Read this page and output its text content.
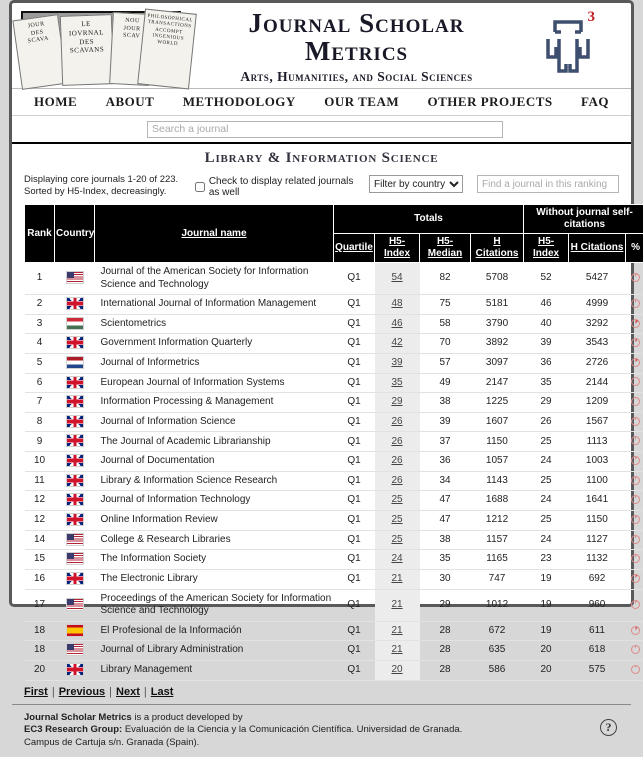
JOUR
DES
SCAVA
LE
IOVRNAL
DES
SCAVANS
NOU
JOUR
SCAV
PHILOSOPHICAL
TRANSACTIONS
ACCOMPT
INGENIOUS
WORLD
Journal Scholar
Metrics
Arts, Humanities, and Social Sciences
3
HOME ABOUT METHODOLOGY OUR TEAM OTHER PROJECTS FAQ
Search a journal
Library & Information Science
Displaying core journals 1-20 of 223. Sorted by H5-Index, decreasingly.
Check to display related journals as well
Filter by country
Find a journal in this ranking
Rank	Country	Journal name	Totals				Without journal self-citations		
			Quartile	H5-Index	H5-Median	H Citations	H5-Index	H Citations	%
1		Journal of the American Society for Information Science and Technology	Q1	54	82	5708	52	5427	
2		International Journal of Information Management	Q1	48	75	5181	46	4999	
3		Scientometrics	Q1	46	58	3790	40	3292	
4		Government Information Quarterly	Q1	42	70	3892	39	3543	
5		Journal of Informetrics	Q1	39	57	3097	36	2726	
6		European Journal of Information Systems	Q1	35	49	2147	35	2144	
7		Information Processing & Management	Q1	29	38	1225	29	1209	
8		Journal of Information Science	Q1	26	39	1607	26	1567	
9		The Journal of Academic Librarianship	Q1	26	37	1150	25	1113	
10		Journal of Documentation	Q1	26	36	1057	24	1003	
11		Library & Information Science Research	Q1	26	34	1143	25	1100	
12		Journal of Information Technology	Q1	25	47	1688	24	1641	
12		Online Information Review	Q1	25	47	1212	25	1150	
14		College & Research Libraries	Q1	25	38	1157	24	1127	
15		The Information Society	Q1	24	35	1165	23	1132	
16		The Electronic Library	Q1	21	30	747	19	692	
17		Proceedings of the American Society for Information Science and Technology	Q1	21	29	1012	19	960	
18		El Profesional de la Información	Q1	21	28	672	19	611	
18		Journal of Library Administration	Q1	21	28	635	20	618	
20		Library Management	Q1	20	28	586	20	575	
First | Previous | Next | Last
Journal Scholar Metrics is a product developed by
EC3 Research Group: Evaluación de la Ciencia y la Comunicación Científica. Universidad de Granada.
Campus de Cartuja s/n. Granada (Spain).
?
